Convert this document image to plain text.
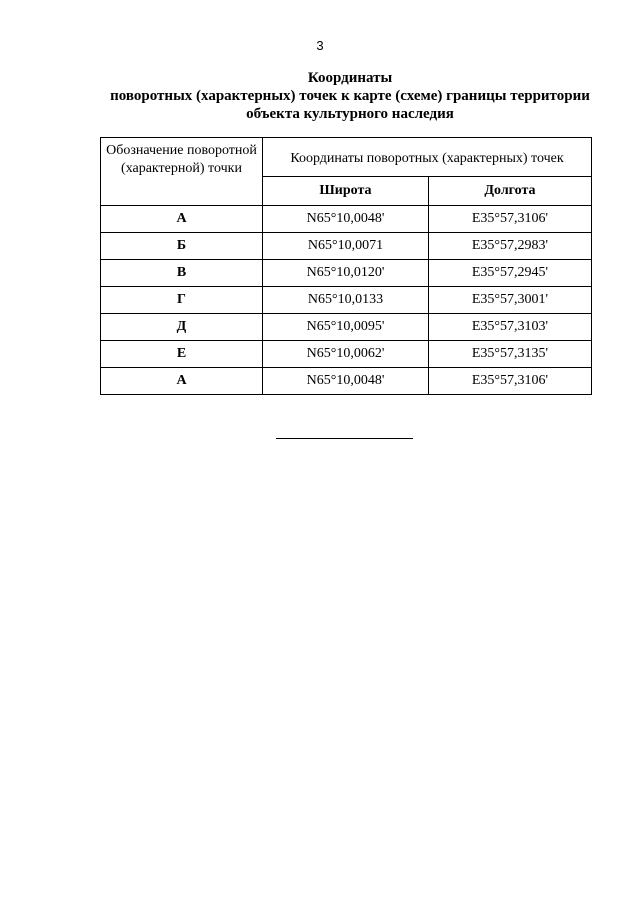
3
Координаты
поворотных (характерных) точек к карте (схеме) границы территории
объекта культурного наследия
Обозначение поворотной (характерной) точки	Координаты поворотных (характерных) точек	
	Широта	Долгота
А	N65°10,0048'	E35°57,3106'
Б	N65°10,0071	E35°57,2983'
В	N65°10,0120'	E35°57,2945'
Г	N65°10,0133	E35°57,3001'
Д	N65°10,0095'	E35°57,3103'
Е	N65°10,0062'	E35°57,3135'
А	N65°10,0048'	E35°57,3106'
